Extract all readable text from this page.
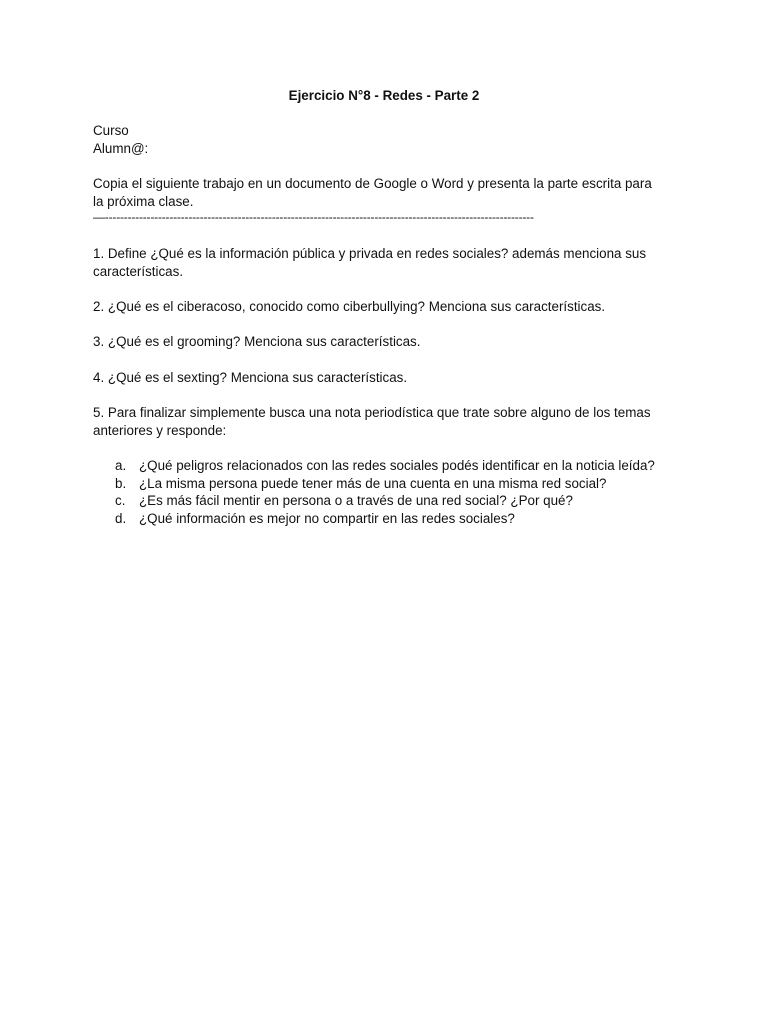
Ejercicio N°8 - Redes - Parte 2

Curso

Alumn@:

Copia el siguiente trabajo en un documento de Google o Word y presenta la parte escrita para la próxima clase.

—-----------------------------------------------------------------------------------------------------------------

1. Define ¿Qué es la información pública y privada en redes sociales? además menciona sus características.

2. ¿Qué es el ciberacoso, conocido como ciberbullying? Menciona sus características.

3. ¿Qué es el grooming? Menciona sus características.

4. ¿Qué es el sexting? Menciona sus características.

5. Para finalizar simplemente busca una nota periodística que trate sobre alguno de los temas anteriores y responde:

a. ¿Qué peligros relacionados con las redes sociales podés identificar en la noticia leída?
b. ¿La misma persona puede tener más de una cuenta en una misma red social?
c.	¿Es más fácil mentir en persona o a través de una red social? ¿Por qué?
d. ¿Qué información es mejor no compartir en las redes sociales?
